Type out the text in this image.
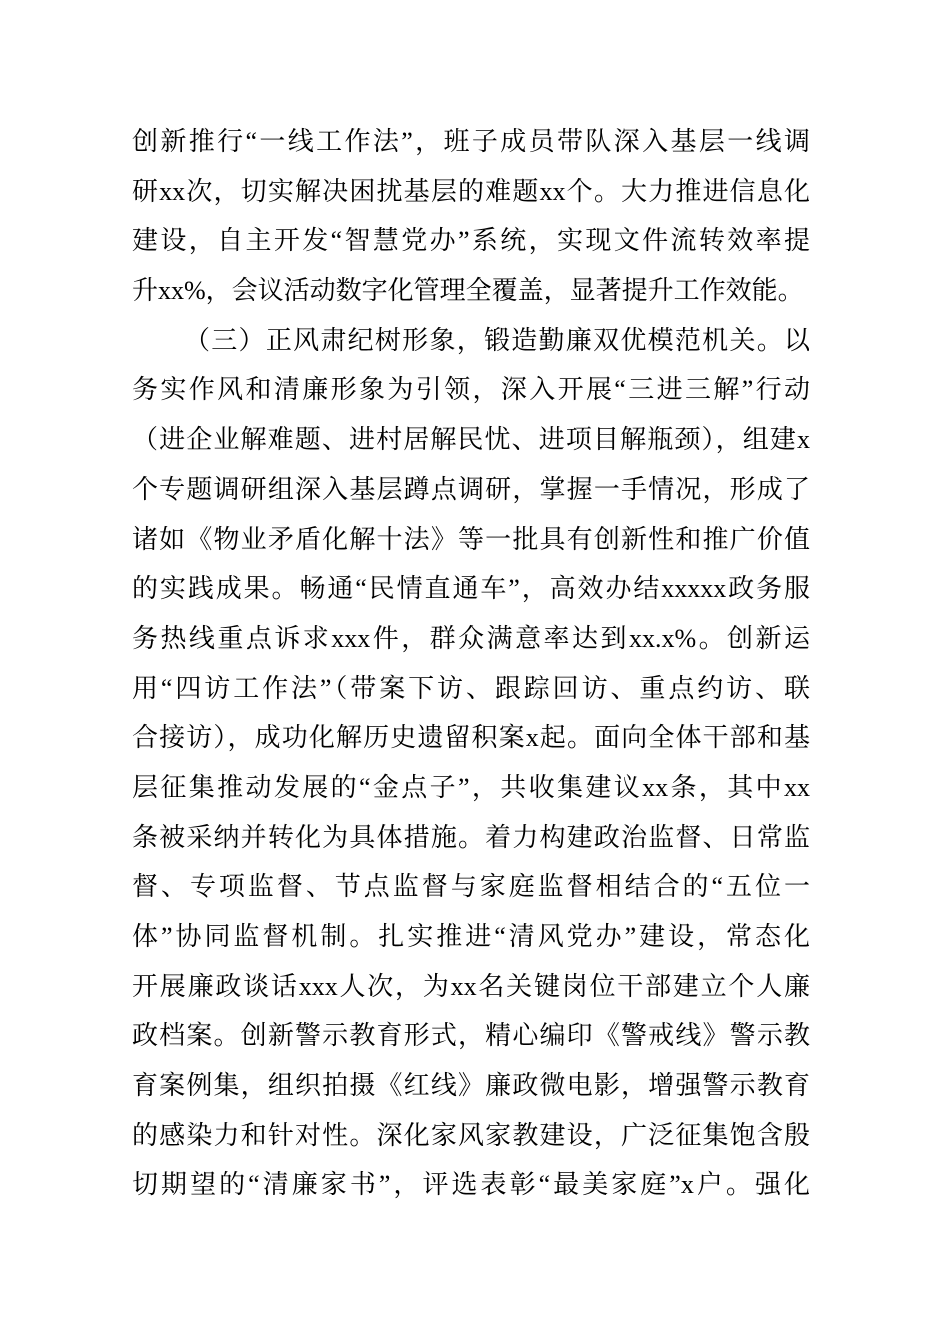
创新推行“一线工作法”，班子成员带队深入基层一线调
研xx次，切实解决困扰基层的难题xx个。大力推进信息化
建设，自主开发“智慧党办”系统，实现文件流转效率提
升xx%，会议活动数字化管理全覆盖，显著提升工作效能。
（三）正风肃纪树形象，锻造勤廉双优模范机关。以
务实作风和清廉形象为引领，深入开展“三进三解”行动
（进企业解难题、进村居解民忧、进项目解瓶颈），组建x
个专题调研组深入基层蹲点调研，掌握一手情况，形成了
诸如《物业矛盾化解十法》等一批具有创新性和推广价值
的实践成果。畅通“民情直通车”，高效办结xxxxx政务服
务热线重点诉求xxx件，群众满意率达到xx.x%。创新运
用“四访工作法”（带案下访、跟踪回访、重点约访、联
合接访），成功化解历史遗留积案x起。面向全体干部和基
层征集推动发展的“金点子”，共收集建议xx条，其中xx
条被采纳并转化为具体措施。着力构建政治监督、日常监
督、专项监督、节点监督与家庭监督相结合的“五位一
体”协同监督机制。扎实推进“清风党办”建设，常态化
开展廉政谈话xxx人次，为xx名关键岗位干部建立个人廉
政档案。创新警示教育形式，精心编印《警戒线》警示教
育案例集，组织拍摄《红线》廉政微电影，增强警示教育
的感染力和针对性。深化家风家教建设，广泛征集饱含殷
切期望的“清廉家书”，评选表彰“最美家庭”x户。强化
